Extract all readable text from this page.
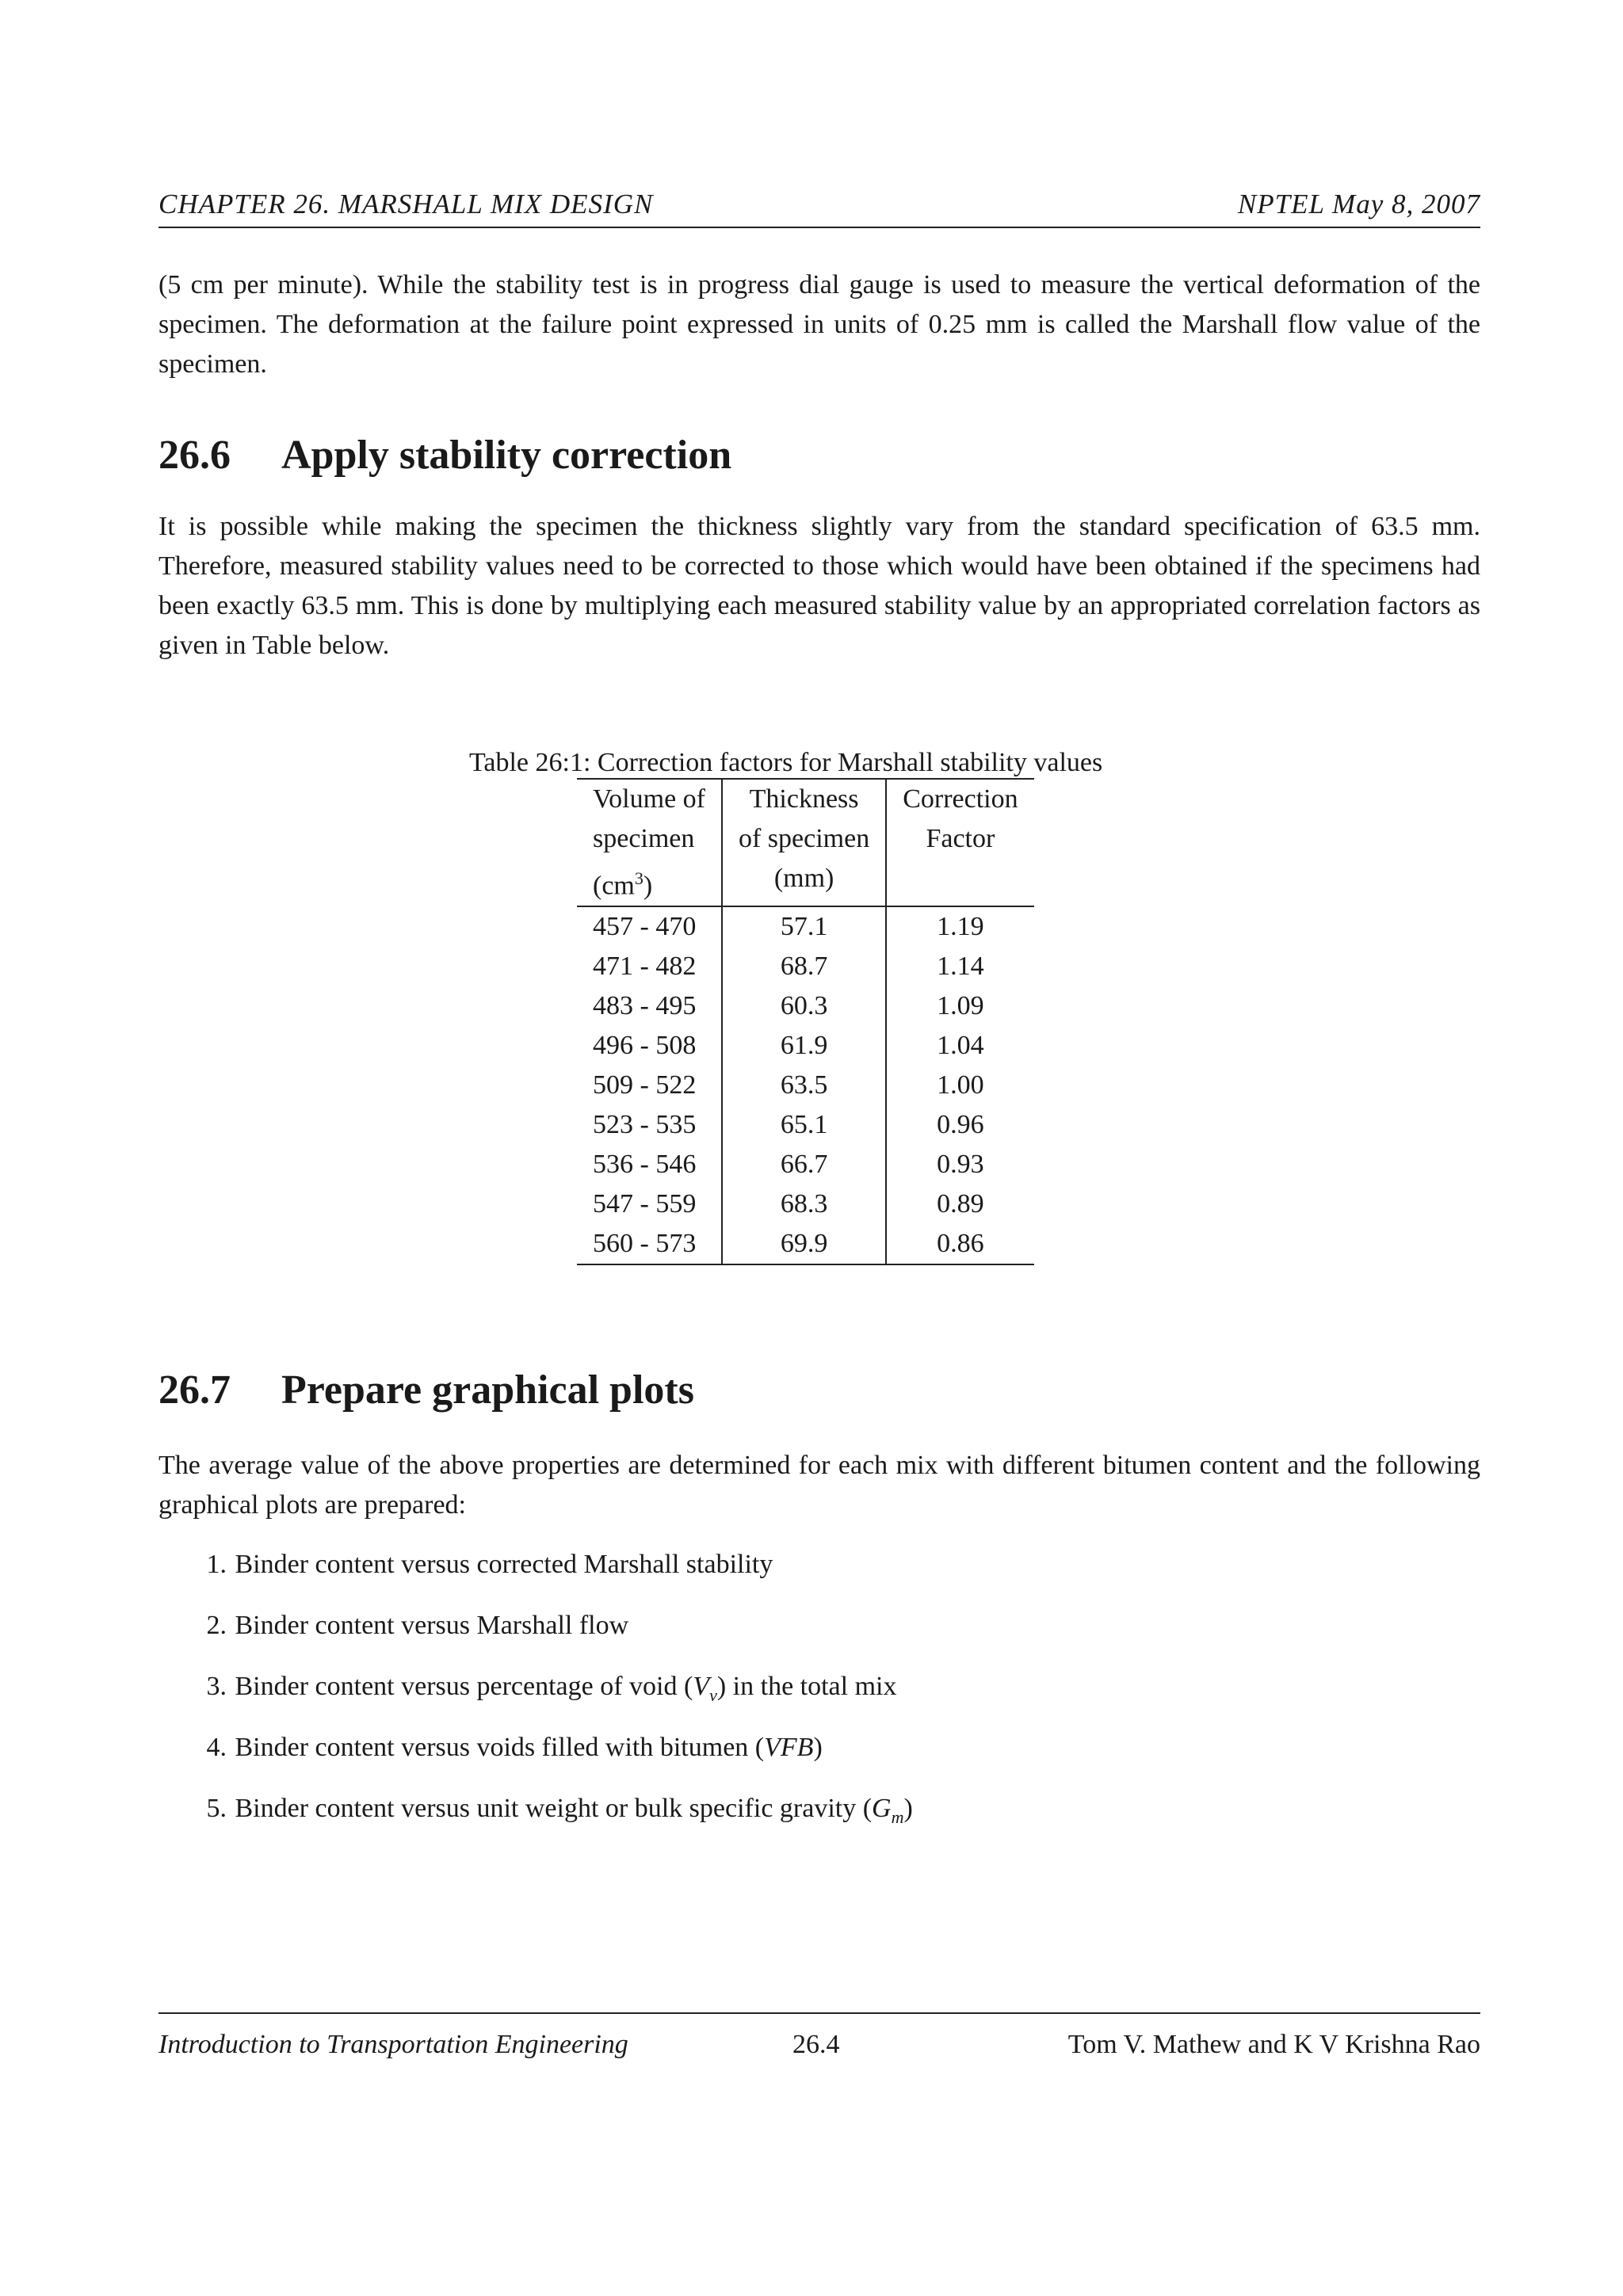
CHAPTER 26. MARSHALL MIX DESIGN	NPTEL May 8, 2007

(5 cm per minute). While the stability test is in progress dial gauge is used to measure the vertical deformation of the specimen. The deformation at the failure point expressed in units of 0.25 mm is called the Marshall flow value of the specimen.

26.6 Apply stability correction

It is possible while making the specimen the thickness slightly vary from the standard specification of 63.5 mm. Therefore, measured stability values need to be corrected to those which would have been obtained if the specimens had been exactly 63.5 mm. This is done by multiplying each measured stability value by an appropriated correlation factors as given in Table below.

Table 26:1: Correction factors for Marshall stability values
Volume of	Thickness	Correction
specimen	of specimen	Factor
$(cm^3)$	(mm)	
457 - 470	57.1	1.19
471 - 482	68.7	1.14
483 - 495	60.3	1.09
496 - 508	61.9	1.04
509 - 522	63.5	1.00
523 - 535	65.1	0.96
536 - 546	66.7	0.93
547 - 559	68.3	0.89
560 - 573	69.9	0.86
26.7 Prepare graphical plots

The average value of the above properties are determined for each mix with different bitumen content and the following graphical plots are prepared:

1. Binder content versus corrected Marshall stability
2. Binder content versus Marshall flow
3. Binder content versus percentage of void $(V_v)$ in the total mix
4. Binder content versus voids filled with bitumen (VFB)
5. Binder content versus unit weight or bulk specific gravity $(G_m)$
Introduction to Transportation Engineering	26.4	Tom V. Mathew and K V Krishna Rao
